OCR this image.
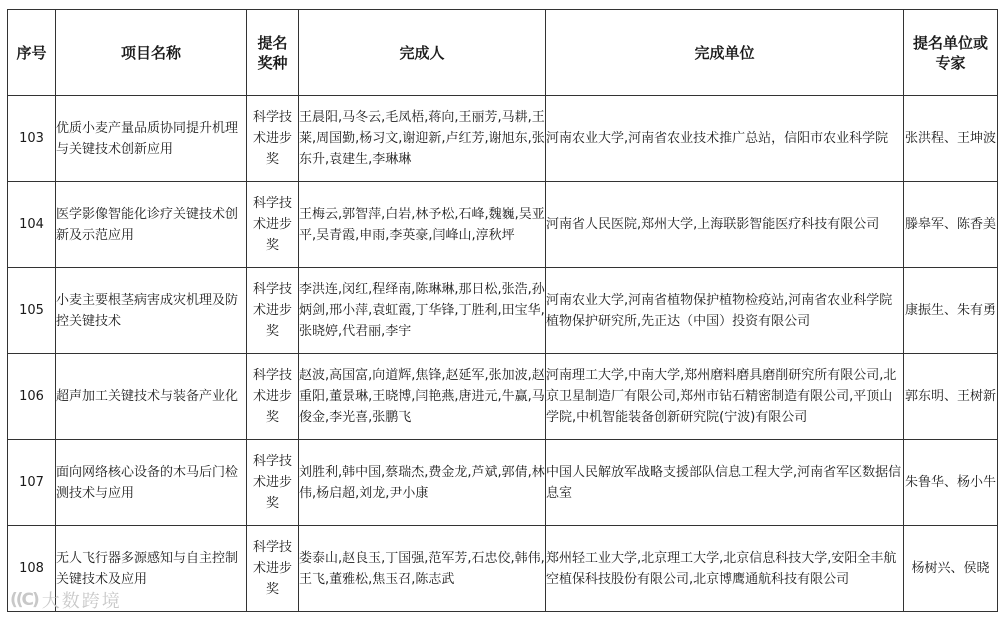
序号	项目名称	提名奖种	完成人	完成单位	提名单位或专家

103	优质小麦产量品质协同提升机理与关键技术创新应用	科学技术进步奖	王晨阳,马冬云,毛凤梧,蒋向,王丽芳,马耕,王莱,周国勤,杨习文,谢迎新,卢红芳,谢旭东,张东升,袁建生,李琳琳	河南农业大学,河南省农业技术推广总站，信阳市农业科学院	张洪程、王坤波

104	医学影像智能化诊疗关键技术创新及示范应用	科学技术进步奖	王梅云,郭智萍,白岩,林予松,石峰,魏巍,吴亚平,吴青霞,申雨,李英豪,闫峰山,淳秋坪	河南省人民医院,郑州大学,上海联影智能医疗科技有限公司	滕皋军、陈香美

105	小麦主要根茎病害成灾机理及防控关键技术	科学技术进步奖	李洪连,闵红,程绎南,陈琳琳,那日松,张浩,孙炳剑,邢小萍,袁虹霞,丁华锋,丁胜利,田宝华,张晓婷,代君丽,李宇	河南农业大学,河南省植物保护植物检疫站,河南省农业科学院植物保护研究所,先正达（中国）投资有限公司	康振生、朱有勇

106	超声加工关键技术与装备产业化	科学技术进步奖	赵波,高国富,向道辉,焦锋,赵延军,张加波,赵重阳,董景琳,王晓博,闫艳燕,唐进元,牛赢,马俊金,李光喜,张鹏飞	河南理工大学,中南大学,郑州磨料磨具磨削研究所有限公司,北京卫星制造厂有限公司,郑州市钻石精密制造有限公司,平顶山学院,中机智能装备创新研究院(宁波)有限公司	郭东明、王树新

107	面向网络核心设备的木马后门检测技术与应用	科学技术进步奖	刘胜利,韩中国,蔡瑞杰,费金龙,芦斌,郭倩,林伟,杨启超,刘龙,尹小康	中国人民解放军战略支援部队信息工程大学,河南省军区数据信息室	朱鲁华、杨小牛

108	无人飞行器多源感知与自主控制关键技术及应用	科学技术进步奖	娄泰山,赵良玉,丁国强,范军芳,石忠佼,韩伟,王飞,董雅松,焦玉召,陈志武	郑州轻工业大学,北京理工大学,北京信息科技大学,安阳全丰航空植保科技股份有限公司,北京博鹰通航科技有限公司	杨树兴、侯晓
((C) 大数跨境
